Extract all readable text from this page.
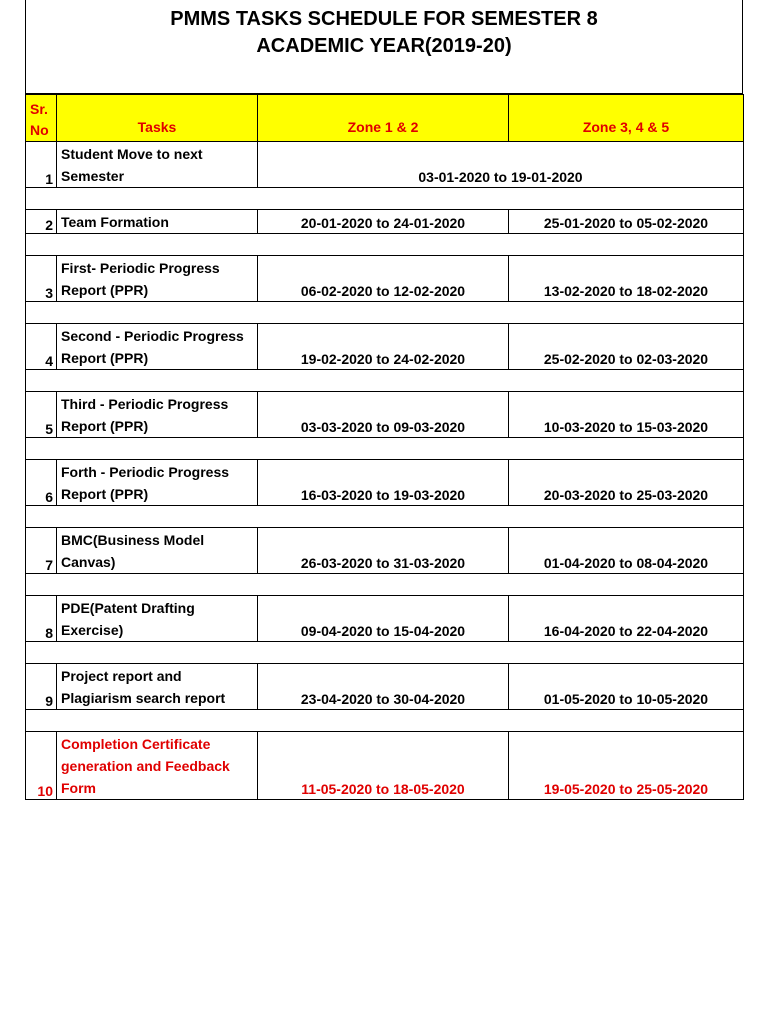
PMMS TASKS SCHEDULE FOR SEMESTER 8
ACADEMIC YEAR(2019-20)
Sr.
No	Tasks	Zone 1 & 2	Zone 3, 4 & 5
1	Student Move to next
Semester	03-01-2020 to 19-01-2020	

2	Team Formation	20-01-2020 to 24-01-2020	25-01-2020 to 05-02-2020

3	First- Periodic Progress
Report (PPR)	06-02-2020 to 12-02-2020	13-02-2020 to 18-02-2020

4	Second - Periodic Progress
Report (PPR)	19-02-2020 to 24-02-2020	25-02-2020 to 02-03-2020

5	Third - Periodic Progress
Report (PPR)	03-03-2020 to 09-03-2020	10-03-2020 to 15-03-2020

6	Forth - Periodic Progress
Report (PPR)	16-03-2020 to 19-03-2020	20-03-2020 to 25-03-2020

7	BMC(Business Model
Canvas)	26-03-2020 to 31-03-2020	01-04-2020 to 08-04-2020

8	PDE(Patent Drafting
Exercise)	09-04-2020 to 15-04-2020	16-04-2020 to 22-04-2020

9	Project report and
Plagiarism search report	23-04-2020 to 30-04-2020	01-05-2020 to 10-05-2020

10	Completion Certificate
generation and Feedback
Form	11-05-2020 to 18-05-2020	19-05-2020 to 25-05-2020
